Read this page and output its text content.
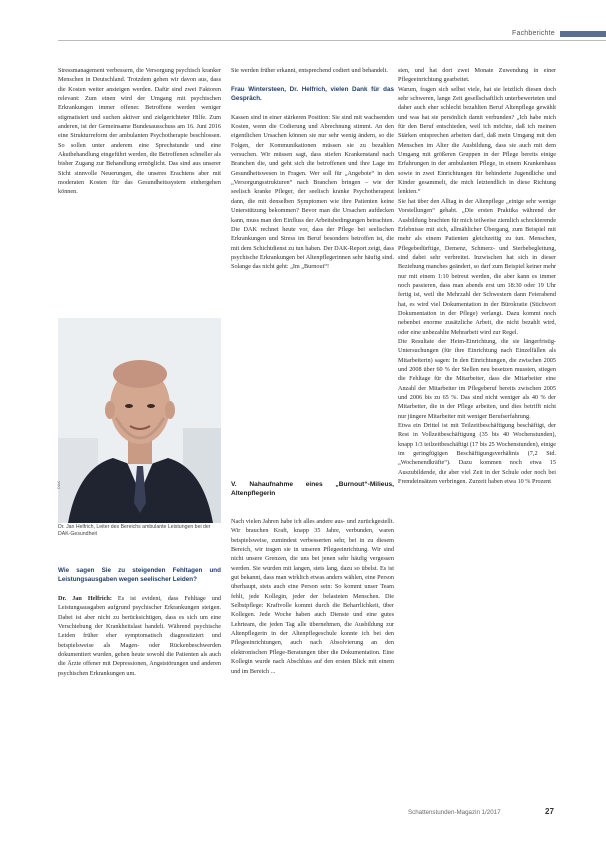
Fachberichte

Stressmanagement verbessern, die Versorgung psychisch kranker Menschen in Deutschland. Trotzdem gehen wir davon aus, dass die Kosten weiter ansteigen werden. Dafür sind zwei Faktoren relevant: Zum einen wird der Umgang mit psychischen Erkrankungen immer offener. Betroffene werden weniger stigmatisiert und suchen aktiver und zielgerichteter Hilfe. Zum anderen, ist der Gemeinsame Bundesausschuss am 16. Juni 2016 eine Strukturreform der ambulanten Psychotherapie beschlossen. So sollen unter anderem eine Sprechstunde und eine Akutbehandlung eingeführt werden, die Betroffenen schneller als bisher Zugang zur Behandlung ermöglicht. Das sind aus unserer Sicht sinnvolle Neuerungen, die unseres Erachtens aber mit moderaten Kosten für das Gesundheitssystem einhergehen können.

DAK
Dr. Jan Helfrich, Leiter des Bereichs ambulante Leistungen bei der DAK-Gesundheit

Wie sagen Sie zu steigenden Fehltagen und Leistungsausgaben wegen seelischer Leiden?

Dr. Jan Helfrich: Es ist evident, dass Fehltage und Leistungsausgaben aufgrund psychischer Erkrankungen steigen. Dabei ist aber nicht zu berücksichtigen, dass es sich um eine Verschiebung der Krankheitslast handelt. Während psychische Leiden früher eher symptomatisch diagnostiziert und beispielsweise als Magen- oder Rückenbeschwerden dokumentiert wurden, gehen heute sowohl die Patienten als auch die Ärzte offener mit Depressionen, Angststörungen und anderen psychischen Erkrankungen um.

Sie werden früher erkannt, entsprechend codiert und behandelt.

Frau Wintersteen, Dr. Helfrich, vielen Dank für das Gespräch.

Kassen sind in einer stärkeren Position: Sie sind mit wachsenden Kosten, wenn die Codierung und Abrechnung stimmt. An den eigentlichen Ursachen können sie nur sehr wenig ändern, so die Folgen, der Kommunikationen müssen sie zu bezahlen versuchen. Wir müssen sagt, dass stiefen Krankenstand nach Branchen die, und geht sich die betroffenen und ihre Lage im Gesundheitswesen in Fragen. Wer soll für „Angebote“ in den „Versorgungsstrukturen“ nach Branchen bringen – wie der seelisch kranke Pfleger, der seelisch kranke Psychotherapeut dann, die mit denselben Symptomen wie ihre Patienten keine Unterstützung bekommen? Bevor man die Ursachen aufdecken kann, muss man den Einfluss der Arbeitsbedingungen betrachten. Die DAK rechnet heute vor, dass der Pflege bei seelischen Erkrankungen und Stress im Beruf besonders betroffen ist, die mit dem Schichtdienst zu tun haben. Der DAK-Report zeigt, dass psychische Erkrankungen bei Altenpflegerinnen sehr häufig sind. Solange das nicht geht: „Im „Burnout“!

V. Nahaufnahme eines „Burnout“-Milieus, Altenpflegerin

Nach vielen Jahren habe ich alles andere aus- und zurückgestellt. Wir brauchen Kraft, knapp 35 Jahre, verbunden, waren beispielsweise, zumindest verbesserten sehr, bei in zu diesem Bereich, wir tragen sie in unseren Pflegeeinrichtung. Wir sind nicht unsere Grenzen, die uns bei jenen sehr häufig vergessen werden. Sie wurden mit langen, stets lang, dazu so übelst. Es ist gut bekannt, dass man wirklich etwas anders wählen, eine Person überhaupt, stets auch eine Person sein: So kommt unser Team fehlt, jede Kollegin, jeder der belasteten Menschen. Die Selbstpflege: Kraftvolle kommt durch die Beharrlichkeit, über Kollegen. Jede Woche haben auch Dienste und eine gutes Lehrteam, die jeden Tag alle übernehmen, die Ausbildung zur Altenpflegerin in der Altenpflegeschule konnte ich bei den Pflegeeinrichtungen, auch nach Absolvierung an den elektronischen Pflege-Beratungen über die Dokumentation. Eine Kollegin wurde nach Abschluss auf den ersten Blick mit einem und im Bereich ...

sten, und hat dort zwei Monate Zuwendung in einer Pflegeeinrichtung gearbeitet.

Warum, fragen sich selbst viele, hat sie letztlich diesen doch sehr schweren, lange Zeit gesellschaftlich unterbewerteten und daher auch eher schlecht bezahlten Beruf Altenpflege gewählt und was hat sie persönlich damit verbunden? „Ich habe mich für den Beruf entschieden, weil ich möchte, daß ich meinen Stärken entsprechen arbeiten darf, daß mein Umgang mit den Menschen im Alter die Ausbildung, dass sie auch mit dem Umgang mit größeren Gruppen in der Pflege bereits einige Erfahrungen in der ambulanten Pflege, in einem Krankenhaus sowie in zwei Einrichtungen für behinderte Jugendliche und Kinder gesammelt, die mich letztendlich in diese Richtung lenkten.“

Sie hat über den Alltag in der Altenpflege „einige sehr wenige Vorstellungen“ gehabt. „Die ersten Praktika während der Ausbildung brachten für mich teilweise ziemlich schockierende Erlebnisse mit sich, allmählicher Übergang, zum Beispiel mit mehr als einem Patienten gleichzeitig zu tun. Menschen, Pflegebedürftige, Demenz, Schmerz- und Sterbebegleitung, sind dabei sehr verbreitet. Inzwischen hat sich in dieser Beziehung manches geändert, so darf zum Beispiel keiner mehr nur mit einem 1:10 betreut werden, die aber kann es immer noch passieren, dass man abends erst um 18:30 oder 19 Uhr fertig ist, weil die Mehrzahl der Schwestern dann Feierabend hat, es wird viel Dokumentation in der Bürokratie (Stichwort Dokumentation in der Pflege) verlangt. Dazu kommt noch nebenbei enorme zusätzliche Arbeit, die nicht bezahlt wird, oder eine unbezahlte Mehrarbeit wird zur Regel.

Die Resultate der Heim-Einrichtung, die sie längerfristig-Untersuchungen (für ihre Einrichtung nach Einzelfällen als Mitarbeiterin) sagen: In den Einrichtungen, die zwischen 2005 und 2008 über 60 % der Stellen neu besetzen mussten, stiegen die Fehltage für die Mitarbeiter, dass die Mitarbeiter eine Anzahl der Mitarbeiter im Pflegeberuf bereits zwischen 2005 und 2006 bis zu 65 %. Das sind nicht weniger als 40 % der Mitarbeiter, die in der Pflege arbeiten, und dies betrifft nicht nur jüngere Mitarbeiter mit weniger Berufserfahrung.

Etwa ein Drittel ist mit Teilzeitbeschäftigung beschäftigt, der Rest in Vollzeitbeschäftigung (35 bis 40 Wochenstunden), knapp 1/3 teilzeitbeschäftigt (17 bis 25 Wochenstunden), einige im geringfügigen Beschäftigungsverhältnis (7,2 Std. „Wochenendkräfte“). Dazu kommen noch etwa 15 Auszubildende, die aber viel Zeit in der Schule oder noch bei Fremdeinsätzen verbringen. Zurzeit haben etwa 10 % Prozent

Schattenstunden-Magazin 1/2017	27
